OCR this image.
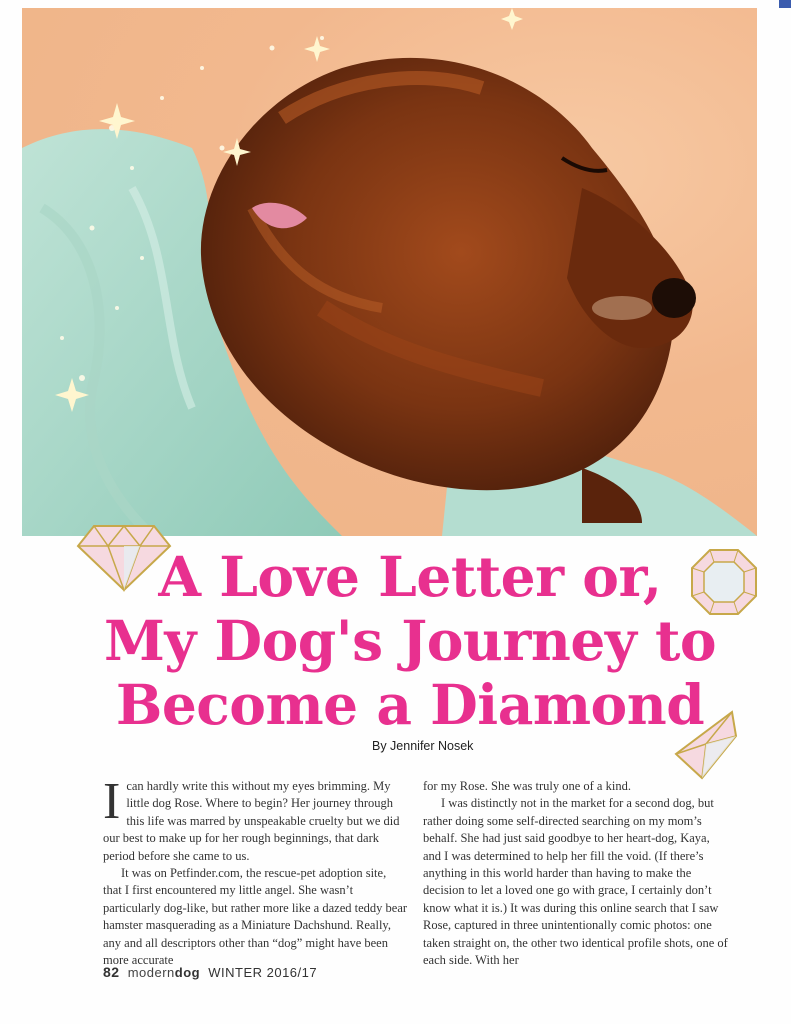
A Love Letter or,
My Dog's Journey to
Become a Diamond
By Jennifer Nosek

Ican hardly write this without my eyes brimming. My little dog Rose. Where to begin? Her journey through this life was marred by unspeakable cruelty but we did our best to make up for her rough beginnings, that dark period before she came to us.

It was on Petfinder.com, the rescue-pet adoption site, that I first encountered my little angel. She wasn’t particularly dog-like, but rather more like a dazed teddy bear hamster masquerading as a Miniature Dachshund. Really, any and all descriptors other than “dog” might have been more accurate

for my Rose. She was truly one of a kind.

I was distinctly not in the market for a second dog, but rather doing some self-directed searching on my mom’s behalf. She had just said goodbye to her heart-dog, Kaya, and I was determined to help her fill the void. (If there’s anything in this world harder than having to make the decision to let a loved one go with grace, I certainly don’t know what it is.) It was during this online search that I saw Rose, captured in three unintentionally comic photos: one taken straight on, the other two identical profile shots, one of each side. With her

82 moderndog WINTER 2016/17
